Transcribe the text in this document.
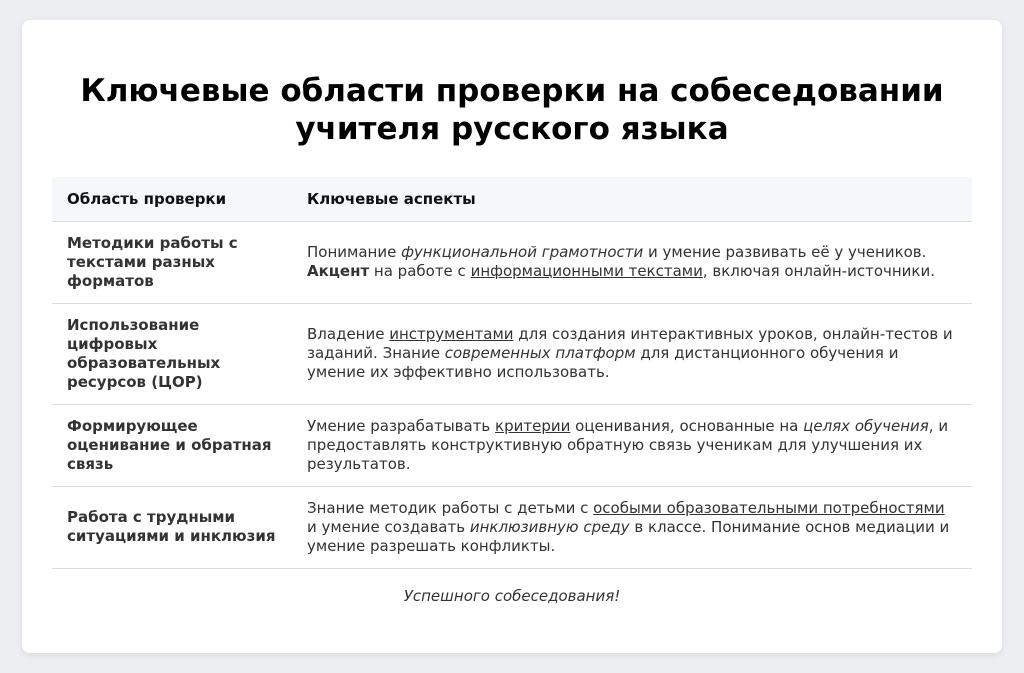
Ключевые области проверки на собеседовании учителя русского языка
Область проверки	Ключевые аспекты
Методики работы с текстами разных форматов	Понимание функциональной грамотности и умение развивать её у учеников. Акцент на работе с информационными текстами, включая онлайн-источники.
Использование цифровых образовательных ресурсов (ЦОР)	Владение инструментами для создания интерактивных уроков, онлайн-тестов и заданий. Знание современных платформ для дистанционного обучения и умение их эффективно использовать.
Формирующее оценивание и обратная связь	Умение разрабатывать критерии оценивания, основанные на целях обучения, и предоставлять конструктивную обратную связь ученикам для улучшения их результатов.
Работа с трудными ситуациями и инклюзия	Знание методик работы с детьми с особыми образовательными потребностями и умение создавать инклюзивную среду в классе. Понимание основ медиации и умение разрешать конфликты.
Успешного собеседования!
